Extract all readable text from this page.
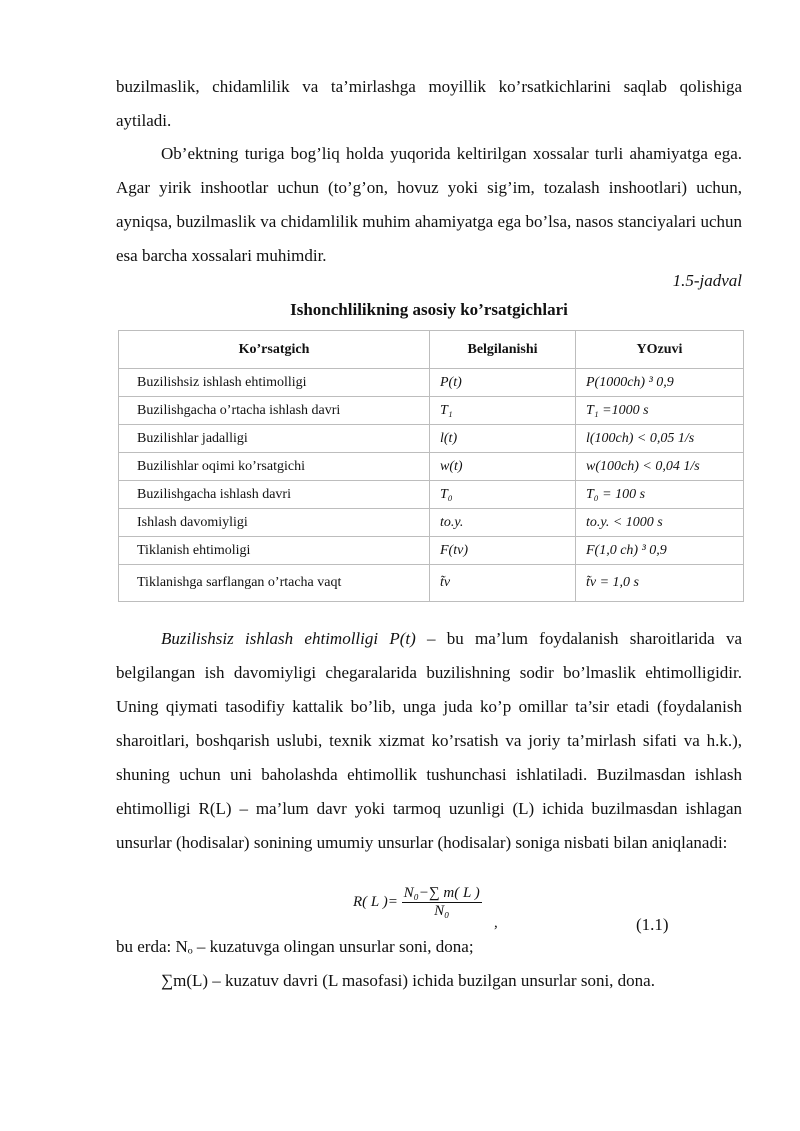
buzilmaslik, chidamlilik va ta’mirlashga moyillik ko’rsatkichlarini saqlab qolishiga aytiladi.

Ob’ektning turiga bog’liq holda yuqorida keltirilgan xossalar turli ahamiyatga ega. Agar yirik inshootlar uchun (to’g’on, hovuz yoki sig’im, tozalash inshootlari) uchun, ayniqsa, buzilmaslik va chidamlilik muhim ahamiyatga ega bo’lsa, nasos stanciyalari uchun esa barcha xossalari muhimdir.

1.5-jadval
Ishonchlilikning asosiy ko’rsatgichlari
Ko’rsatgich	Belgilanishi	YOzuvi
Buzilishsiz ishlash ehtimolligi	P(t)	P(1000ch) ³ 0,9
Buzilishgacha o’rtacha ishlash davri	T₁	T₁ =1000 s
Buzilishlar jadalligi	l(t)	l(100ch) < 0,05 1/s
Buzilishlar oqimi ko’rsatgichi	w(t)	w(100ch) < 0,04 1/s
Buzilishgacha ishlash davri	T₀	T₀ = 100 s
Ishlash davomiyligi	to.y.	to.y. < 1000 s
Tiklanish ehtimoligi	F(tv)	F(1,0 ch) ³ 0,9
Tiklanishga sarflangan o’rtacha vaqt	t̃v	t̃v = 1,0 s

Buzilishsiz ishlash ehtimolligi P(t) – bu ma’lum foydalanish sharoitlarida va belgilangan ish davomiyligi chegaralarida buzilishning sodir bo’lmaslik ehtimolligidir. Uning qiymati tasodifiy kattalik bo’lib, unga juda ko’p omillar ta’sir etadi (foydalanish sharoitlari, boshqarish uslubi, texnik xizmat ko’rsatish va joriy ta’mirlash sifati va h.k.), shuning uchun uni baholashda ehtimollik tushunchasi ishlatiladi. Buzilmasdan ishlash ehtimolligi R(L) – ma’lum davr yoki tarmoq uzunligi (L) ichida buzilmasdan ishlagan unsurlar (hodisalar) sonining umumiy unsurlar (hodisalar) soniga nisbati bilan aniqlanadi:

R( L )= $\frac{\text{N₀−∑ m( L )}}{\text{N₀}}$
,	(1.1)
bu erda: Nₒ – kuzatuvga olingan unsurlar soni, dona;
∑m(L) – kuzatuv davri (L masofasi) ichida buzilgan unsurlar soni, dona.
